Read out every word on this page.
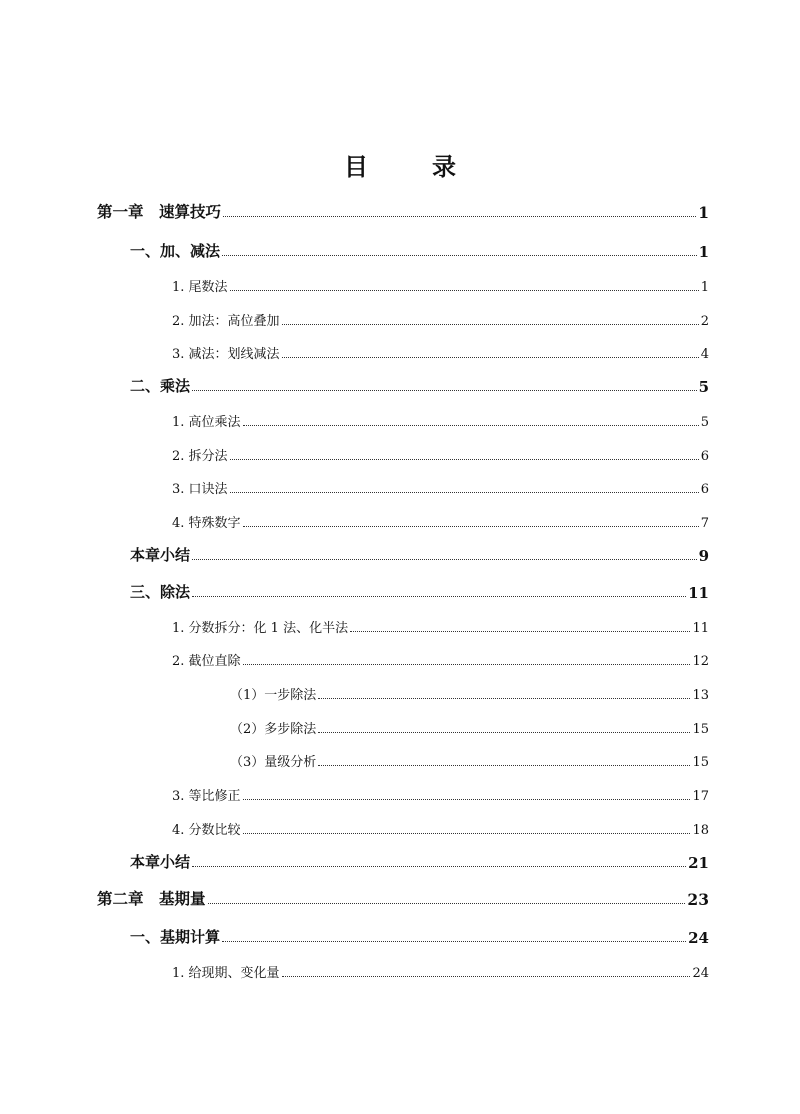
目　录
第一章　速算技巧	1
一、加、减法	1
1. 尾数法	1
2. 加法：高位叠加	2
3. 减法：划线减法	4
二、乘法	5
1. 高位乘法	5
2. 拆分法	6
3. 口诀法	6
4. 特殊数字	7
本章小结	9
三、除法	11
1. 分数拆分：化 1 法、化半法	11
2. 截位直除	12
（1）一步除法	13
（2）多步除法	15
（3）量级分析	15
3. 等比修正	17
4. 分数比较	18
本章小结	21
第二章　基期量	23
一、基期计算	24
1. 给现期、变化量	24
